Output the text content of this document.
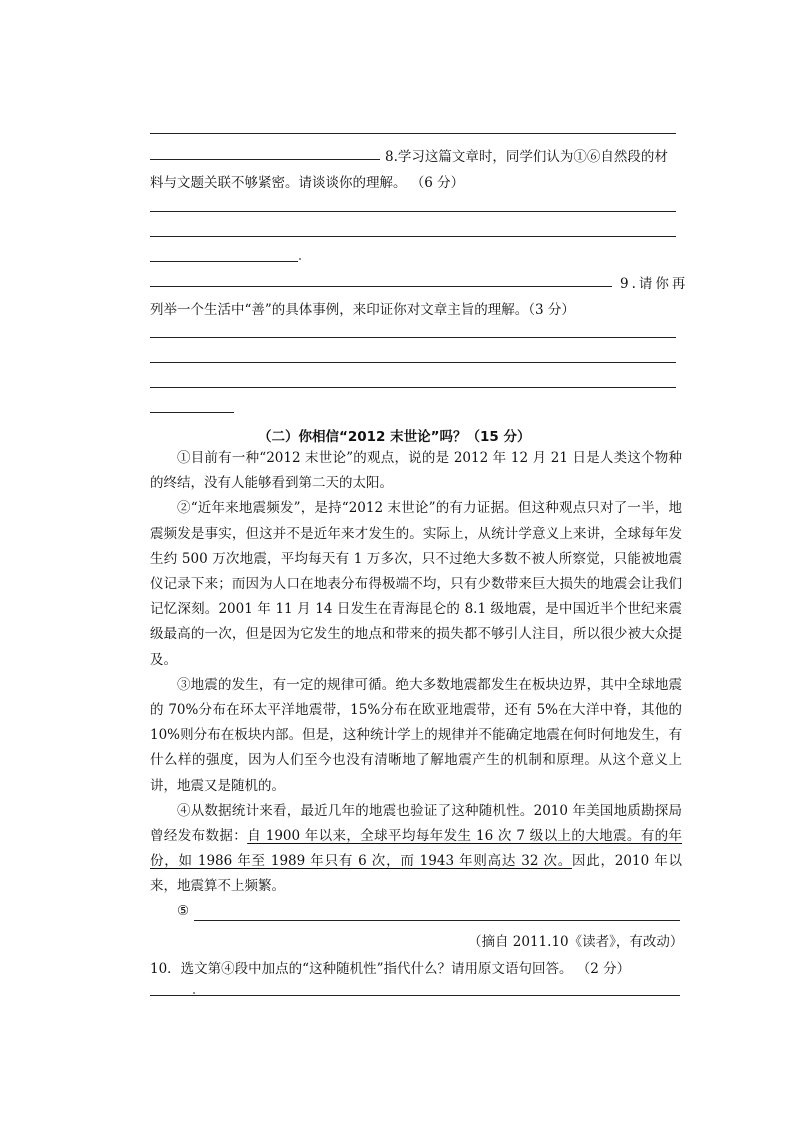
8.学习这篇文章时，同学们认为①⑥自然段的材
料与文题关联不够紧密。请谈谈你的理解。 （6 分）
9.请你再
列举一个生活中“善”的具体事例，来印证你对文章主旨的理解。（3 分）
（二）你相信“2012 末世论”吗？（15 分）

①目前有一种“2012 末世论”的观点，说的是 2012 年 12 月 21 日是人类这个物种的终结，没有人能够看到第二天的太阳。

②“近年来地震频发”，是持“2012 末世论”的有力证据。但这种观点只对了一半，地震频发是事实，但这并不是近年来才发生的。实际上，从统计学意义上来讲，全球每年发生约 500 万次地震，平均每天有 1 万多次，只不过绝大多数不被人所察觉，只能被地震仪记录下来；而因为人口在地表分布得极端不均，只有少数带来巨大损失的地震会让我们记忆深刻。2001 年 11 月 14 日发生在青海昆仑的 8.1 级地震，是中国近半个世纪来震级最高的一次，但是因为它发生的地点和带来的损失都不够引人注目，所以很少被大众提及。

③地震的发生，有一定的规律可循。绝大多数地震都发生在板块边界，其中全球地震的 70%分布在环太平洋地震带，15%分布在欧亚地震带，还有 5%在大洋中脊，其他的 10%则分布在板块内部。但是，这种统计学上的规律并不能确定地震在何时何地发生，有什么样的强度，因为人们至今也没有清晰地了解地震产生的机制和原理。从这个意义上讲，地震又是随机的。

④从数据统计来看，最近几年的地震也验证了这种随机性。2010 年美国地质勘探局曾经发布数据：自 1900 年以来，全球平均每年发生 16 次 7 级以上的大地震。有的年份，如 1986 年至 1989 年只有 6 次，而 1943 年则高达 32 次。因此，2010 年以来，地震算不上频繁。

⑤
（摘自 2011.10《读者》，有改动）
10．选文第④段中加点的“这种随机性”指代什么？请用原文语句回答。 （2 分）
